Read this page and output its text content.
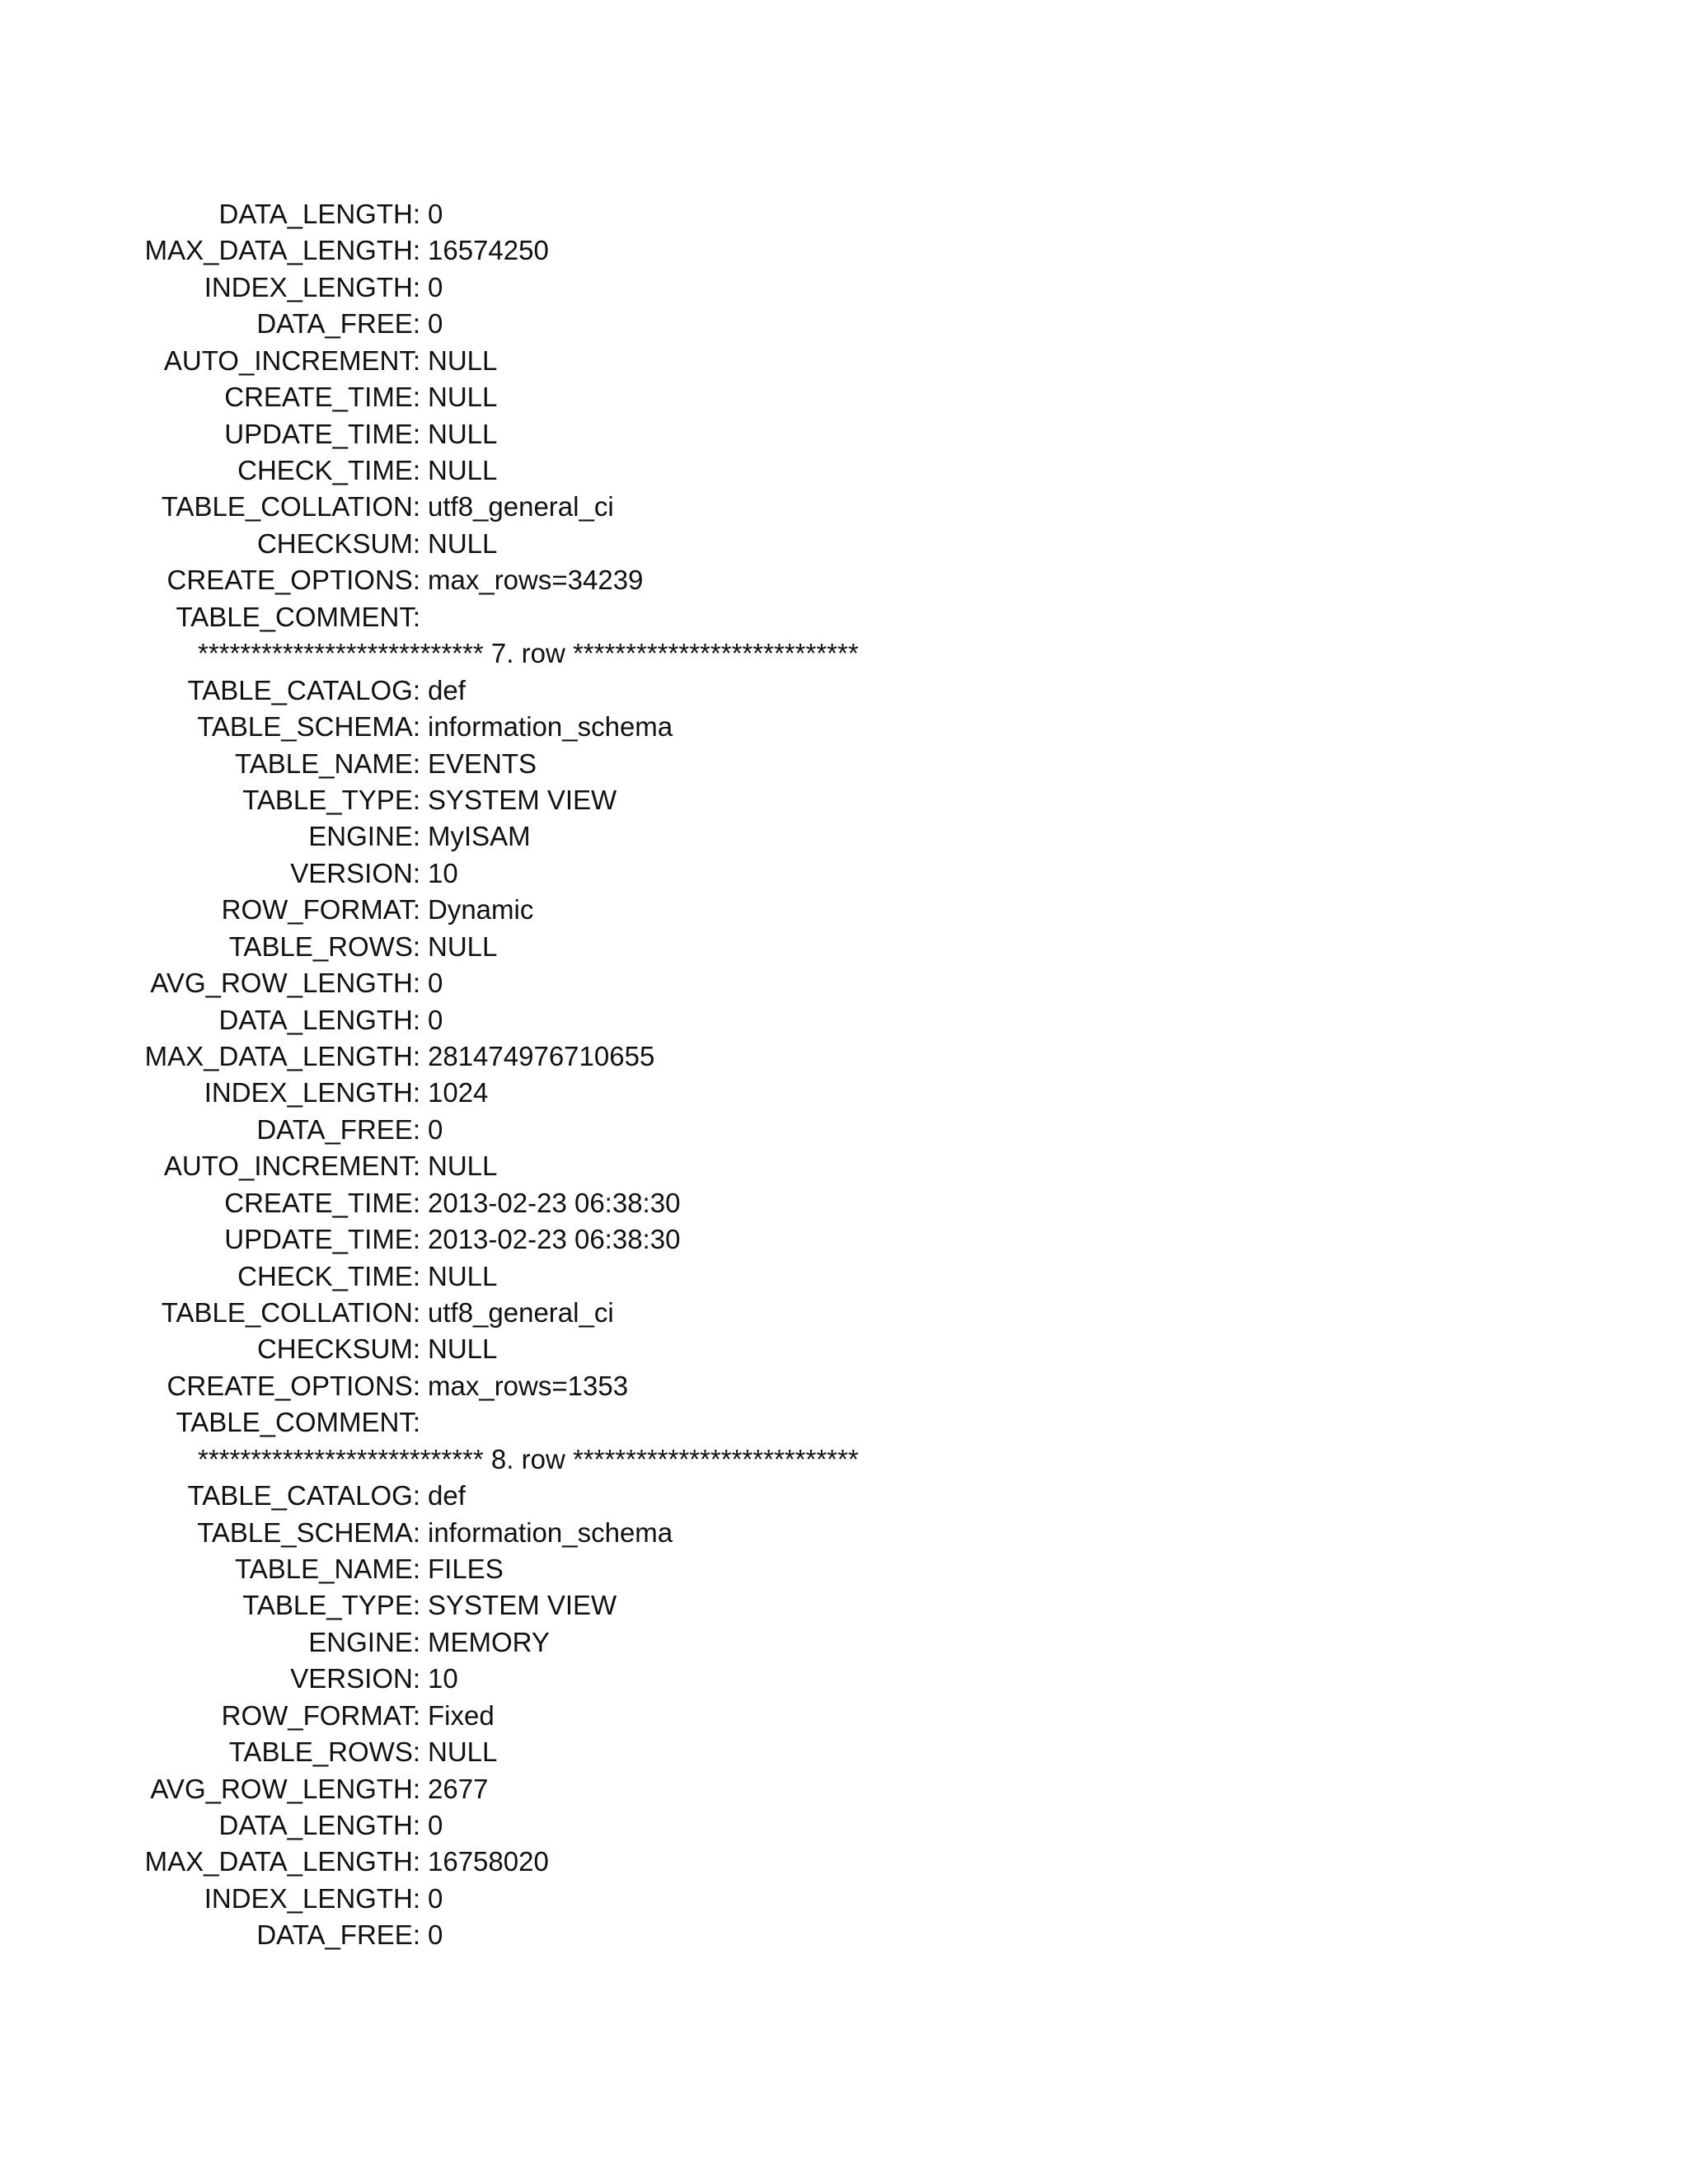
DATA_LENGTH: 0
MAX_DATA_LENGTH: 16574250
INDEX_LENGTH: 0
DATA_FREE: 0
AUTO_INCREMENT: NULL
CREATE_TIME: NULL
UPDATE_TIME: NULL
CHECK_TIME: NULL
TABLE_COLLATION: utf8_general_ci
CHECKSUM: NULL
CREATE_OPTIONS: max_rows=34239
TABLE_COMMENT:
*************************** 7. row ***************************
TABLE_CATALOG: def
TABLE_SCHEMA: information_schema
TABLE_NAME: EVENTS
TABLE_TYPE: SYSTEM VIEW
ENGINE: MyISAM
VERSION: 10
ROW_FORMAT: Dynamic
TABLE_ROWS: NULL
AVG_ROW_LENGTH: 0
DATA_LENGTH: 0
MAX_DATA_LENGTH: 281474976710655
INDEX_LENGTH: 1024
DATA_FREE: 0
AUTO_INCREMENT: NULL
CREATE_TIME: 2013-02-23 06:38:30
UPDATE_TIME: 2013-02-23 06:38:30
CHECK_TIME: NULL
TABLE_COLLATION: utf8_general_ci
CHECKSUM: NULL
CREATE_OPTIONS: max_rows=1353
TABLE_COMMENT:
*************************** 8. row ***************************
TABLE_CATALOG: def
TABLE_SCHEMA: information_schema
TABLE_NAME: FILES
TABLE_TYPE: SYSTEM VIEW
ENGINE: MEMORY
VERSION: 10
ROW_FORMAT: Fixed
TABLE_ROWS: NULL
AVG_ROW_LENGTH: 2677
DATA_LENGTH: 0
MAX_DATA_LENGTH: 16758020
INDEX_LENGTH: 0
DATA_FREE: 0
